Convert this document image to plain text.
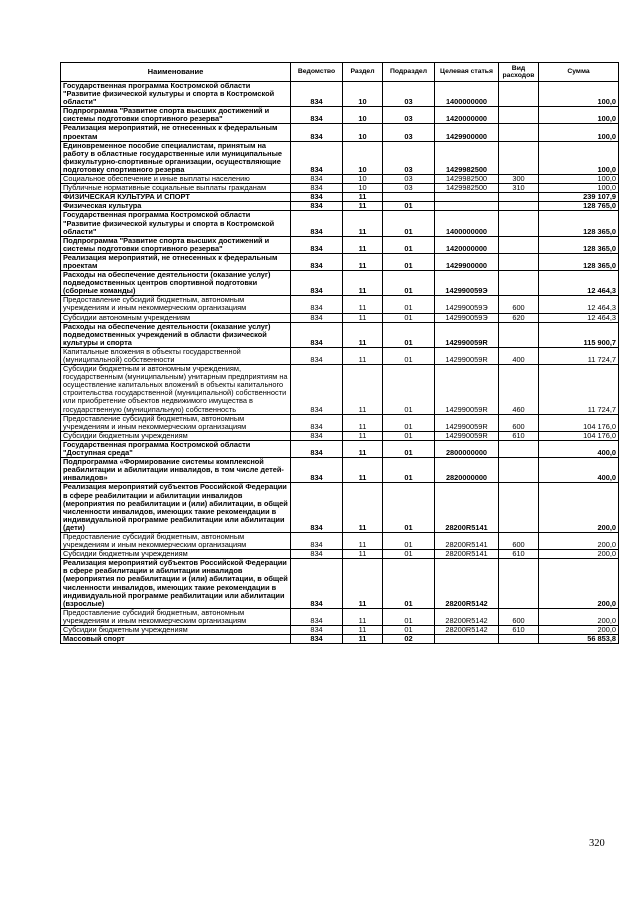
Наименование	Ведомство	Раздел	Подраздел	Целевая статья	Вид расходов	Сумма
Государственная программа Костромской области "Развитие физической культуры и спорта в Костромской области"	834	10	03	1400000000		100,0
Подпрограмма "Развитие спорта высших достижений и системы подготовки спортивного резерва"	834	10	03	1420000000		100,0
Реализация мероприятий, не отнесенных к федеральным проектам	834	10	03	1429900000		100,0
Единовременное пособие специалистам, принятым на работу в областные государственные или муниципальные физкультурно-спортивные организации, осуществляющие подготовку спортивного резерва	834	10	03	1429982500		100,0
Социальное обеспечение и иные выплаты населению	834	10	03	1429982500	300	100,0
Публичные нормативные социальные выплаты гражданам	834	10	03	1429982500	310	100,0
ФИЗИЧЕСКАЯ КУЛЬТУРА И СПОРТ	834	11				239 107,9
Физическая культура	834	11	01			128 765,0
Государственная программа Костромской области "Развитие физической культуры и спорта в Костромской области"	834	11	01	1400000000		128 365,0
Подпрограмма "Развитие спорта высших достижений и системы подготовки спортивного резерва"	834	11	01	1420000000		128 365,0
Реализация мероприятий, не отнесенных к федеральным проектам	834	11	01	1429900000		128 365,0
Расходы на обеспечение деятельности (оказание услуг) подведомственных центров спортивной подготовки (сборные команды)	834	11	01	142990059Э		12 464,3
Предоставление субсидий бюджетным, автономным учреждениям и иным некоммерческим организациям	834	11	01	142990059Э	600	12 464,3
Субсидии автономным учреждениям	834	11	01	142990059Э	620	12 464,3
Расходы на обеспечение деятельности (оказание услуг) подведомственных учреждений в области физической культуры и спорта	834	11	01	142990059R		115 900,7
Капитальные вложения в объекты государственной (муниципальной) собственности	834	11	01	142990059R	400	11 724,7
Субсидии бюджетным и автономным учреждениям, государственным (муниципальным) унитарным предприятиям на осуществление капитальных вложений в объекты капитального строительства государственной (муниципальной) собственности или приобретение объектов недвижимого имущества в государственную (муниципальную) собственность	834	11	01	142990059R	460	11 724,7
Предоставление субсидий бюджетным, автономным учреждениям и иным некоммерческим организациям	834	11	01	142990059R	600	104 176,0
Субсидии бюджетным учреждениям	834	11	01	142990059R	610	104 176,0
Государственная программа Костромской области "Доступная среда"	834	11	01	2800000000		400,0
Подпрограмма «Формирование системы комплексной реабилитации и абилитации инвалидов, в том числе детей-инвалидов»	834	11	01	2820000000		400,0
Реализация мероприятий субъектов Российской Федерации в сфере реабилитации и абилитации инвалидов (мероприятия по реабилитации и (или) абилитации, в общей численности инвалидов, имеющих такие рекомендации в индивидуальной программе реабилитации или абилитации (дети)	834	11	01	28200R5141		200,0
Предоставление субсидий бюджетным, автономным учреждениям и иным некоммерческим организациям	834	11	01	28200R5141	600	200,0
Субсидии бюджетным учреждениям	834	11	01	28200R5141	610	200,0
Реализация мероприятий субъектов Российской Федерации в сфере реабилитации и абилитации инвалидов (мероприятия по реабилитации и (или) абилитации, в общей численности инвалидов, имеющих такие рекомендации в индивидуальной программе реабилитации или абилитации (взрослые)	834	11	01	28200R5142		200,0
Предоставление субсидий бюджетным, автономным учреждениям и иным некоммерческим организациям	834	11	01	28200R5142	600	200,0
Субсидии бюджетным учреждениям	834	11	01	28200R5142	610	200,0
Массовый спорт	834	11	02			56 853,8
320
